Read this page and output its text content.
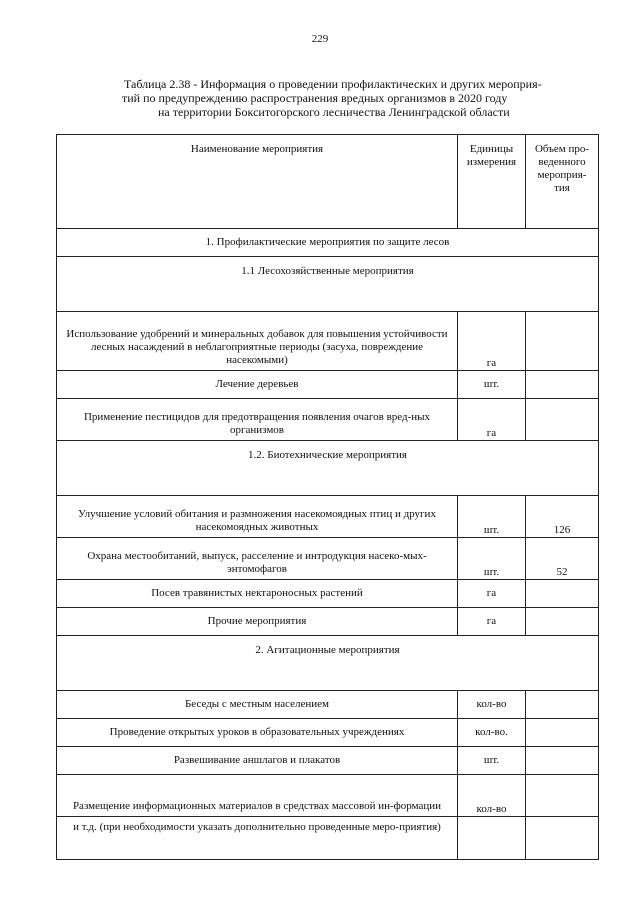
229
Таблица 2.38 - Информация о проведении профилактических и других мероприя-
тий по предупреждению распространения вредных организмов в 2020 году
на территории Бокситогорского лесничества Ленинградской области
Наименование мероприятия	Единицы измерения	Объем про-веденного мероприя-тия
1. Профилактические мероприятия по защите лесов		
1.1 Лесохозяйственные мероприятия		
Использование удобрений и минеральных добавок для повышения устойчивости лесных насаждений в неблагоприятные периоды (засуха, повреждение насекомыми)	га	
Лечение деревьев	шт.	
Применение пестицидов для предотвращения появления очагов вред-ных организмов	га	
1.2. Биотехнические мероприятия		
Улучшение условий обитания и размножения насекомоядных птиц и других насекомоядных животных	шт.	126
Охрана местообитаний, выпуск, расселение и интродукция насеко-мых-энтомофагов	шт.	52
Посев травянистых нектароносных растений	га	
Прочие мероприятия	га	
2. Агитационные мероприятия		
Беседы с местным населением	кол-во	
Проведение открытых уроков в образовательных учреждениях	кол-во.	
Развешивание аншлагов и плакатов	шт.	
Размещение информационных материалов в средствах массовой ин-формации	кол-во	
и т.д. (при необходимости указать дополнительно проведенные меро-приятия)		
